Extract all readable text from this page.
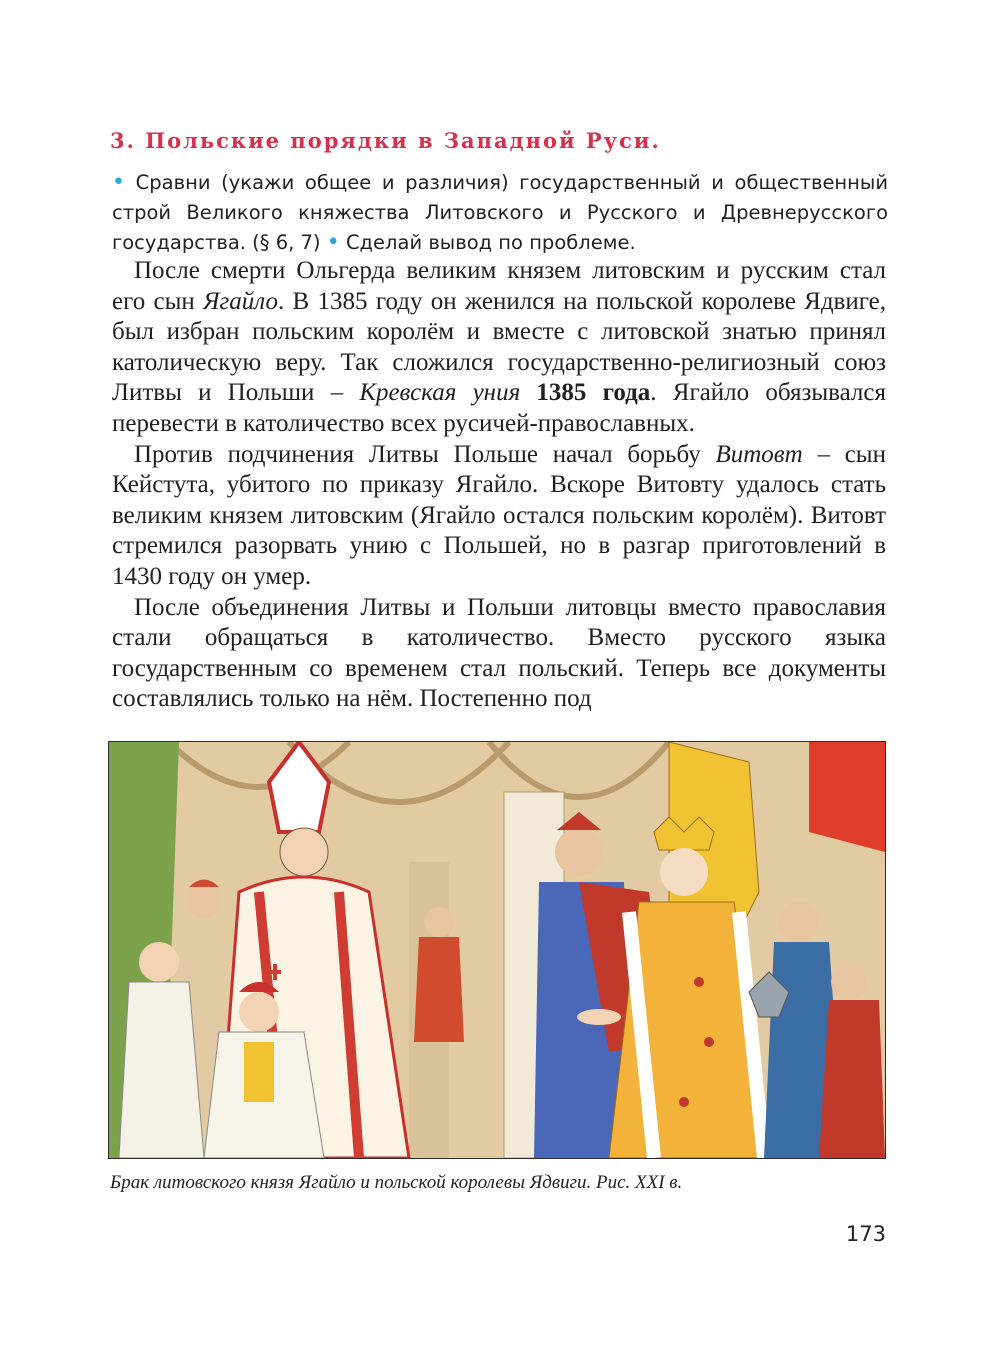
3. Польские порядки в Западной Руси.

• Сравни (укажи общее и различия) государственный и общественный строй Великого княжества Литовского и Русского и Древнерусского государства. (§ 6, 7) • Сделай вывод по проблеме.

После смерти Ольгерда великим князем литовским и русским стал его сын Ягайло. В 1385 году он женился на польской королеве Ядвиге, был избран польским королём и вместе с литовской знатью принял католическую веру. Так сложился государственно-религиозный союз Литвы и Польши – Кревская уния 1385 года. Ягайло обязывался перевести в католичество всех русичей-православных.

Против подчинения Литвы Польше начал борьбу Витовт – сын Кейстута, убитого по приказу Ягайло. Вскоре Витовту удалось стать великим князем литовским (Ягайло остался польским королём). Витовт стремился разорвать унию с Польшей, но в разгар приготовлений в 1430 году он умер.

После объединения Литвы и Польши литовцы вместо православия стали обращаться в католичество. Вместо русского языка государственным со временем стал польский. Теперь все документы составлялись только на нём. Постепенно под

Брак литовского князя Ягайло и польской королевы Ядвиги. Рис. XXI в.

173
